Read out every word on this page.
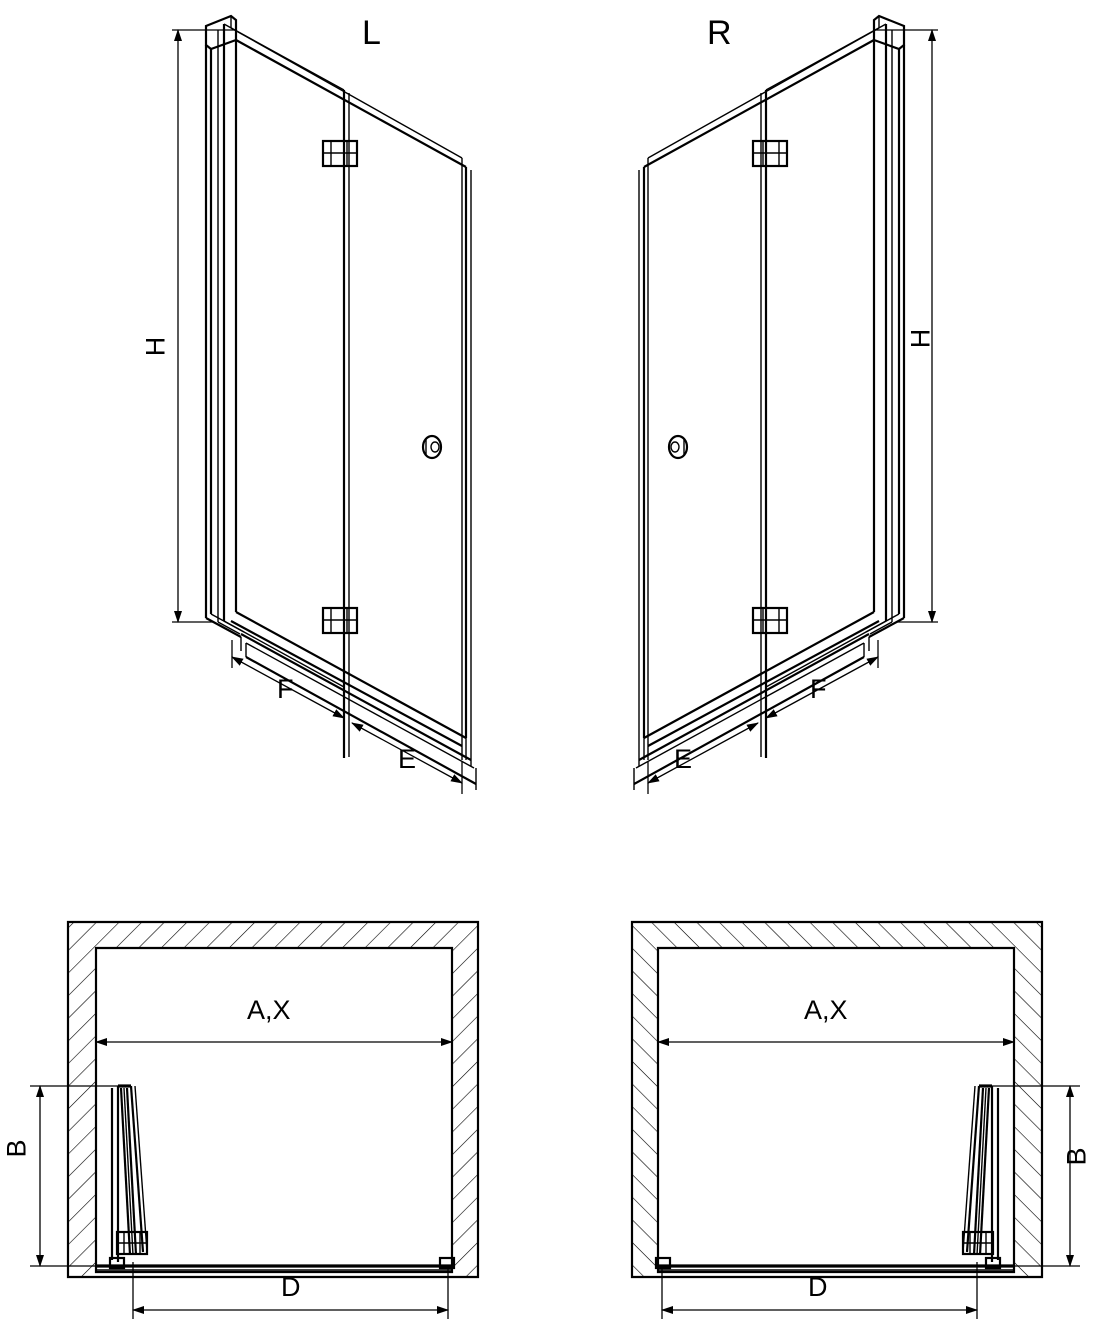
L	R
H
F
E
H
F
E
A,X
B
D
A,X
B
D
